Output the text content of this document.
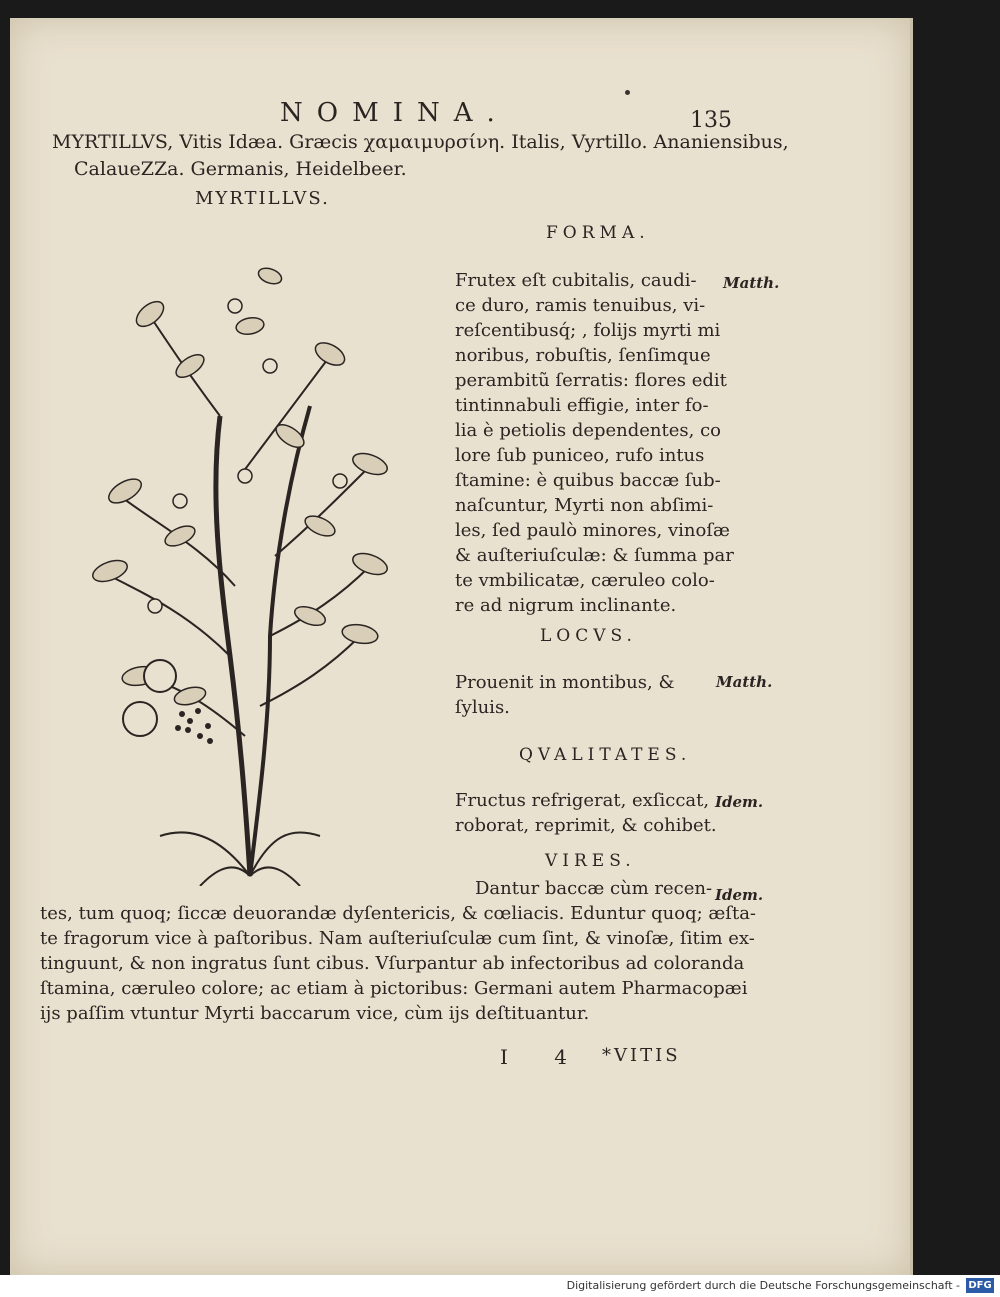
NOMINA.	135
MYRTILLVS, Vitis Idæa. Græcis χαμαιμυρσίνη. Italis, Vyrtillo. Ananiensibus,
CalaueZZa. Germanis, Heidelbeer.
MYRTILLVS.
FORMA.
Frutex eſt cubitalis, caudi-
ce duro, ramis tenuibus, vi-
reſcentibusq́; , folijs myrti mi
noribus, robuſtis, ſenſimque
perambitũ ſerratis: flores edit
tintinnabuli effigie, inter fo-
lia è petiolis dependentes, co
lore ſub puniceo, rufo intus
ſtamine: è quibus baccæ ſub-
naſcuntur, Myrti non abſimi-
les, ſed paulò minores, vinoſæ
& auſteriuſculæ: & ſumma par
te vmbilicatæ, cæruleo colo-
re ad nigrum inclinante.
Matth.
LOCVS.
Prouenit in montibus, &
ſyluis.
Matth.
QVALITATES.
Fructus refrigerat, exſiccat,
roborat, reprimit, & cohibet.
Idem.
VIRES.
Dantur baccæ cùm recen- Idem.
tes, tum quoq; ſiccæ deuorandæ dyſentericis, & cœliacis. Eduntur quoq; æſta-
te fragorum vice à paſtoribus. Nam auſteriuſculæ cum ſint, & vinoſæ, ſitim ex-
tinguunt, & non ingratus ſunt cibus. Vſurpantur ab infectoribus ad coloranda
ſtamina, cæruleo colore; ac etiam à pictoribus: Germani autem Pharmacopæi
ijs paſſim vtuntur Myrti baccarum vice, cùm ijs deſtituantur.
I 4 *VITIS
Digitalisierung gefördert durch die Deutsche Forschungsgemeinschaft - DFG
